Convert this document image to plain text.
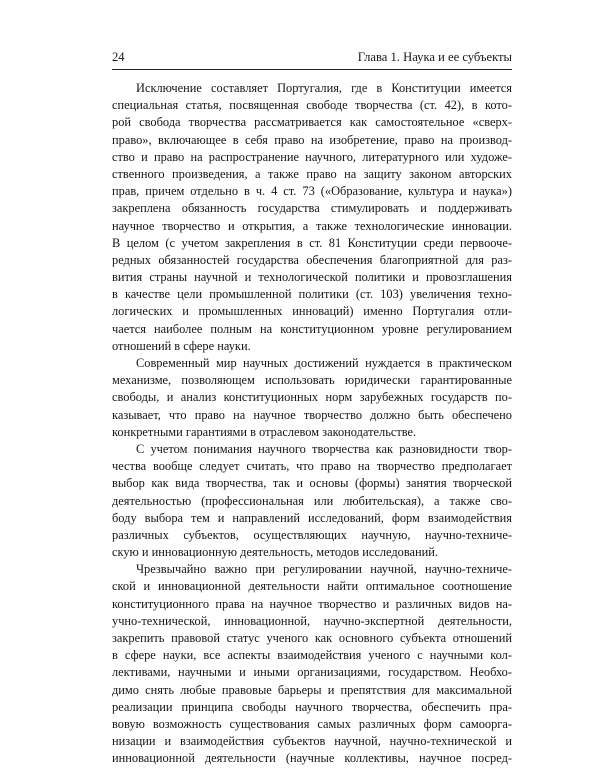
24	Глава 1. Наука и ее субъекты
Исключение составляет Португалия, где в Конституции имеется
специальная статья, посвященная свободе творчества (ст. 42), в кото-
рой свобода творчества рассматривается как самостоятельное «сверх-
право», включающее в себя право на изобретение, право на производ-
ство и право на распространение научного, литературного или художе-
ственного произведения, а также право на защиту законом авторских
прав, причем отдельно в ч. 4 ст. 73 («Образование, культура и наука»)
закреплена обязанность государства стимулировать и поддерживать
научное творчество и открытия, а также технологические инновации.
В целом (с учетом закрепления в ст. 81 Конституции среди первооче-
редных обязанностей государства обеспечения благоприятной для раз-
вития страны научной и технологической политики и провозглашения
в качестве цели промышленной политики (ст. 103) увеличения техно-
логических и промышленных инноваций) именно Португалия отли-
чается наиболее полным на конституционном уровне регулированием
отношений в сфере науки.
Современный мир научных достижений нуждается в практическом
механизме, позволяющем использовать юридически гарантированные
свободы, и анализ конституционных норм зарубежных государств по-
казывает, что право на научное творчество должно быть обеспечено
конкретными гарантиями в отраслевом законодательстве.
С учетом понимания научного творчества как разновидности твор-
чества вообще следует считать, что право на творчество предполагает
выбор как вида творчества, так и основы (формы) занятия творческой
деятельностью (профессиональная или любительская), а также сво-
боду выбора тем и направлений исследований, форм взаимодействия
различных субъектов, осуществляющих научную, научно-техниче-
скую и инновационную деятельность, методов исследований.
Чрезвычайно важно при регулировании научной, научно-техниче-
ской и инновационной деятельности найти оптимальное соотношение
конституционного права на научное творчество и различных видов на-
учно-технической, инновационной, научно-экспертной деятельности,
закрепить правовой статус ученого как основного субъекта отношений
в сфере науки, все аспекты взаимодействия ученого с научными кол-
лективами, научными и иными организациями, государством. Необхо-
димо снять любые правовые барьеры и препятствия для максимальной
реализации принципа свободы научного творчества, обеспечить пра-
вовую возможность существования самых различных форм самоорга-
низации и взаимодействия субъектов научной, научно-технической и
инновационной деятельности (научные коллективы, научное посред-
